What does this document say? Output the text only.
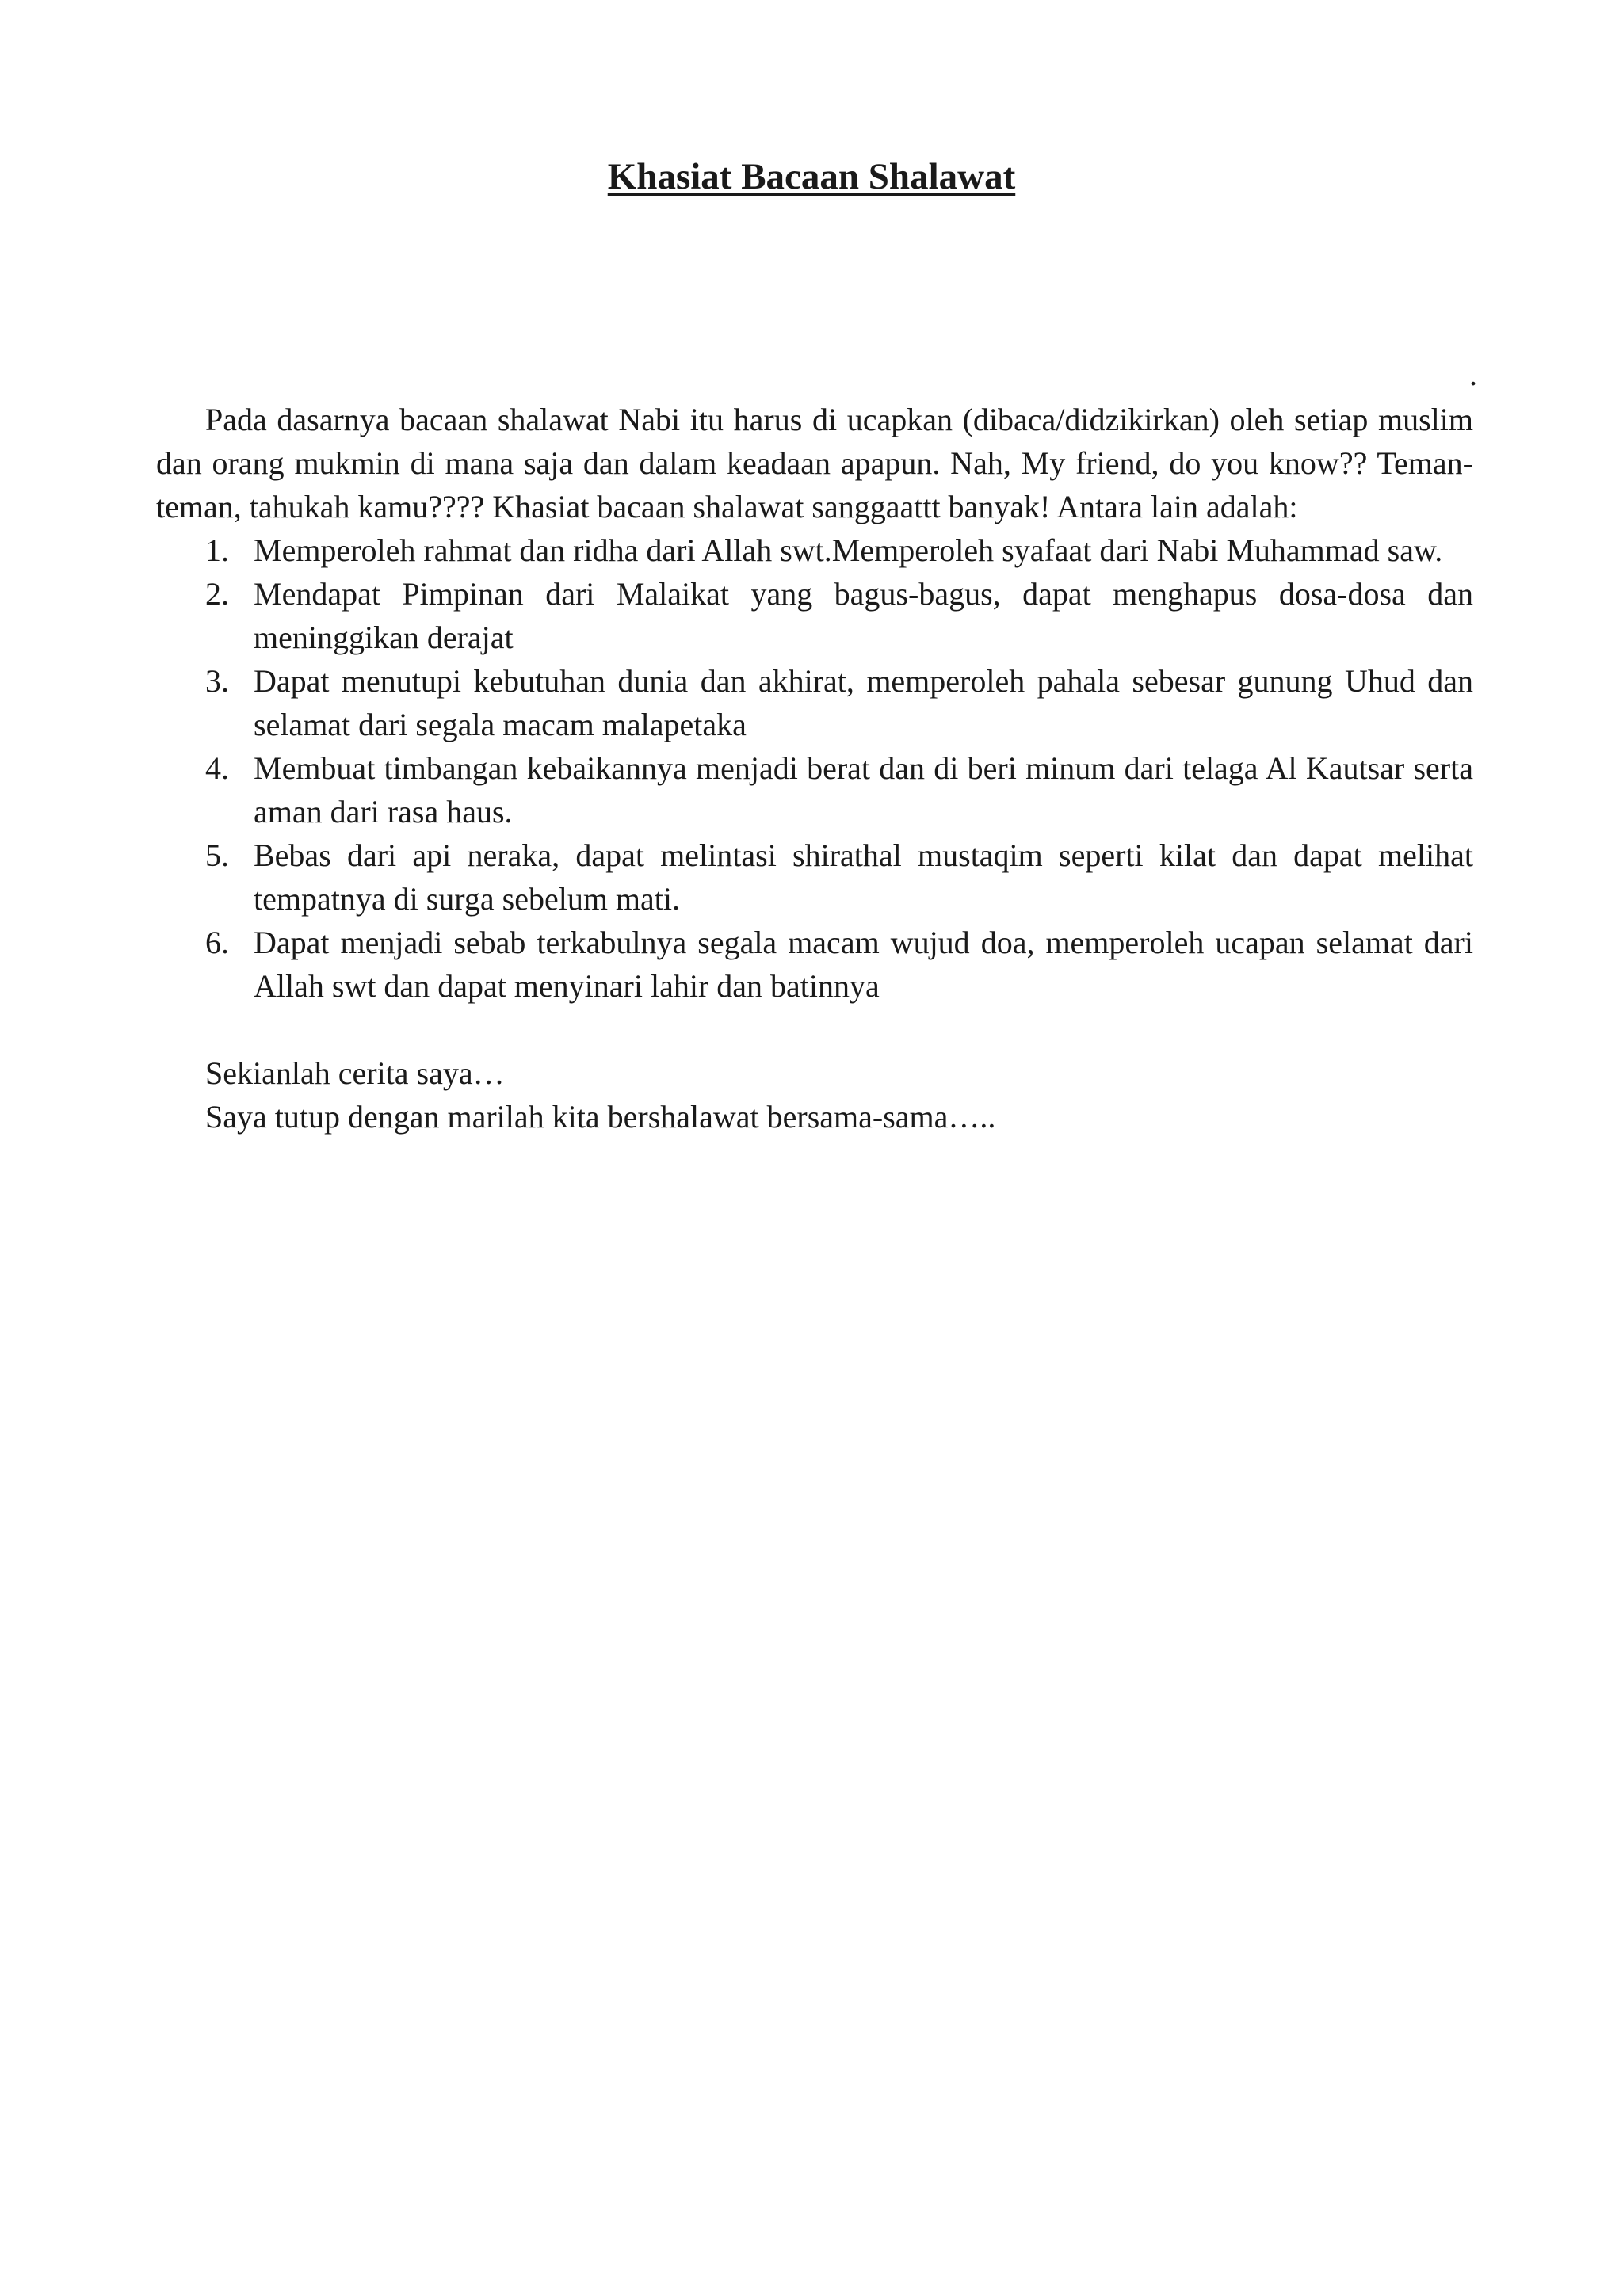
Khasiat Bacaan Shalawat
.

Pada dasarnya bacaan shalawat Nabi itu harus di ucapkan (dibaca/didzikirkan) oleh setiap muslim dan orang mukmin di mana saja dan dalam keadaan apapun. Nah, My friend, do you know?? Teman-teman, tahukah kamu???? Khasiat bacaan shalawat sanggaattt banyak! Antara lain adalah:

1. Memperoleh rahmat dan ridha dari Allah swt.Memperoleh syafaat dari Nabi Muhammad saw.
2. Mendapat Pimpinan dari Malaikat yang bagus-bagus, dapat menghapus dosa-dosa dan meninggikan derajat
3. Dapat menutupi kebutuhan dunia dan akhirat, memperoleh pahala sebesar gunung Uhud dan selamat dari segala macam malapetaka
4. Membuat timbangan kebaikannya menjadi berat dan di beri minum dari telaga Al Kautsar serta aman dari rasa haus.
5. Bebas dari api neraka, dapat melintasi shirathal mustaqim seperti kilat dan dapat melihat tempatnya di surga sebelum mati.
6. Dapat menjadi sebab terkabulnya segala macam wujud doa, memperoleh ucapan selamat dari Allah swt dan dapat menyinari lahir dan batinnya
Sekianlah cerita saya…
Saya tutup dengan marilah kita bershalawat bersama-sama…..
